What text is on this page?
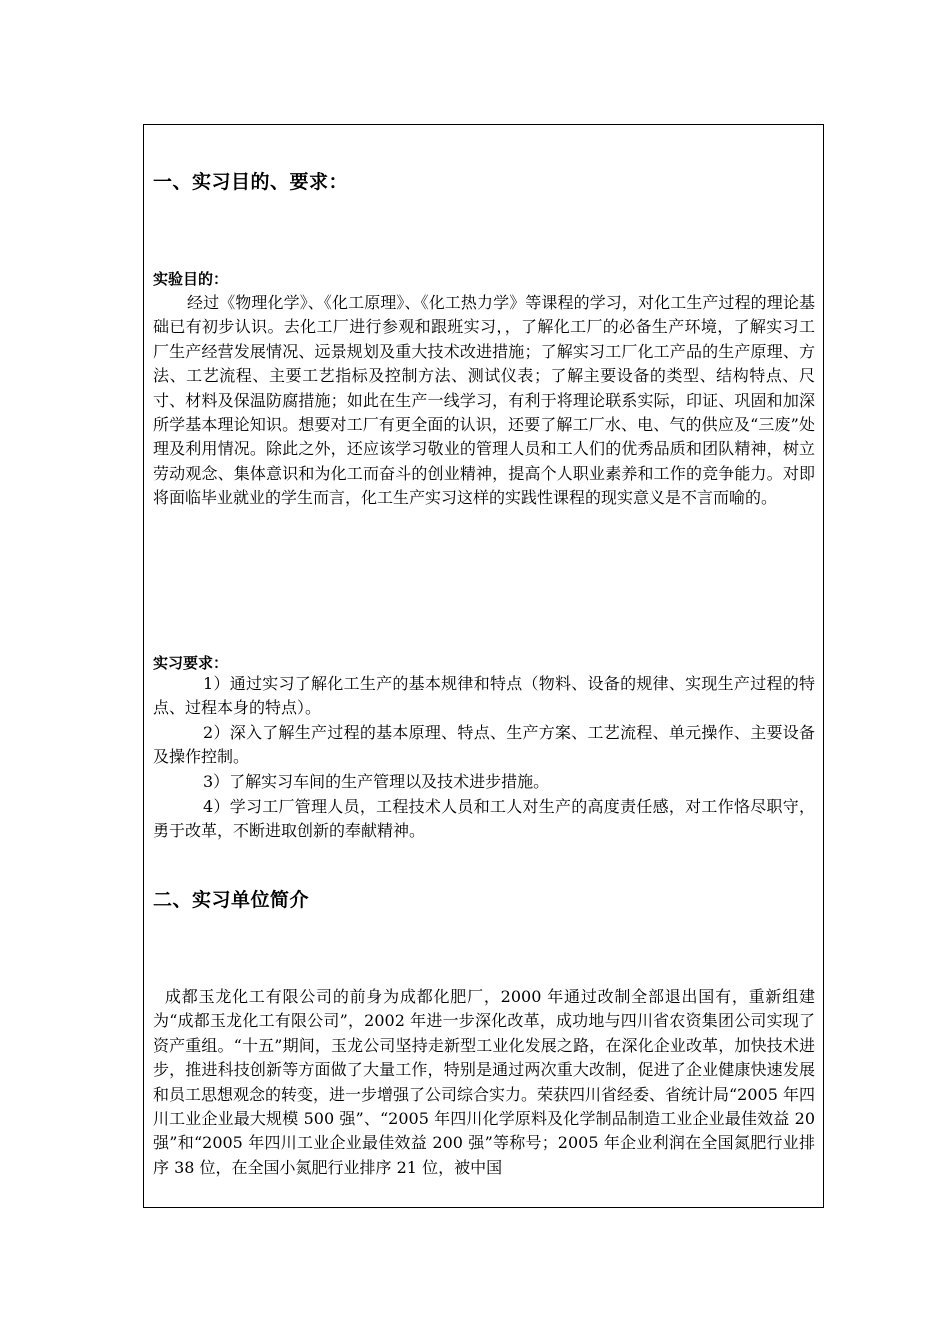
一、实习目的、要求：
实验目的：
经过《物理化学》、《化工原理》、《化工热力学》等课程的学习，对化工生产过程的理论基础已有初步认识。去化工厂进行参观和跟班实习，，了解化工厂的必备生产环境，了解实习工厂生产经营发展情况、远景规划及重大技术改进措施；了解实习工厂化工产品的生产原理、方法、工艺流程、主要工艺指标及控制方法、测试仪表；了解主要设备的类型、结构特点、尺寸、材料及保温防腐措施；如此在生产一线学习，有利于将理论联系实际，印证、巩固和加深所学基本理论知识。想要对工厂有更全面的认识，还要了解工厂水、电、气的供应及“三废”处理及利用情况。除此之外，还应该学习敬业的管理人员和工人们的优秀品质和团队精神，树立劳动观念、集体意识和为化工而奋斗的创业精神，提高个人职业素养和工作的竞争能力。对即将面临毕业就业的学生而言，化工生产实习这样的实践性课程的现实意义是不言而喻的。
实习要求：
1）通过实习了解化工生产的基本规律和特点（物料、设备的规律、实现生产过程的特点、过程本身的特点）。
2）深入了解生产过程的基本原理、特点、生产方案、工艺流程、单元操作、主要设备及操作控制。
3）了解实习车间的生产管理以及技术进步措施。
4）学习工厂管理人员，工程技术人员和工人对生产的高度责任感，对工作恪尽职守，勇于改革，不断进取创新的奉献精神。
二、实习单位简介
成都玉龙化工有限公司的前身为成都化肥厂，2000 年通过改制全部退出国有，重新组建为“成都玉龙化工有限公司”，2002 年进一步深化改革，成功地与四川省农资集团公司实现了资产重组。“十五”期间，玉龙公司坚持走新型工业化发展之路，在深化企业改革，加快技术进步，推进科技创新等方面做了大量工作，特别是通过两次重大改制，促进了企业健康快速发展和员工思想观念的转变，进一步增强了公司综合实力。荣获四川省经委、省统计局“2005 年四川工业企业最大规模 500 强”、“2005 年四川化学原料及化学制品制造工业企业最佳效益 20 强”和“2005 年四川工业企业最佳效益 200 强”等称号；2005 年企业利润在全国氮肥行业排序 38 位，在全国小氮肥行业排序 21 位，被中国
